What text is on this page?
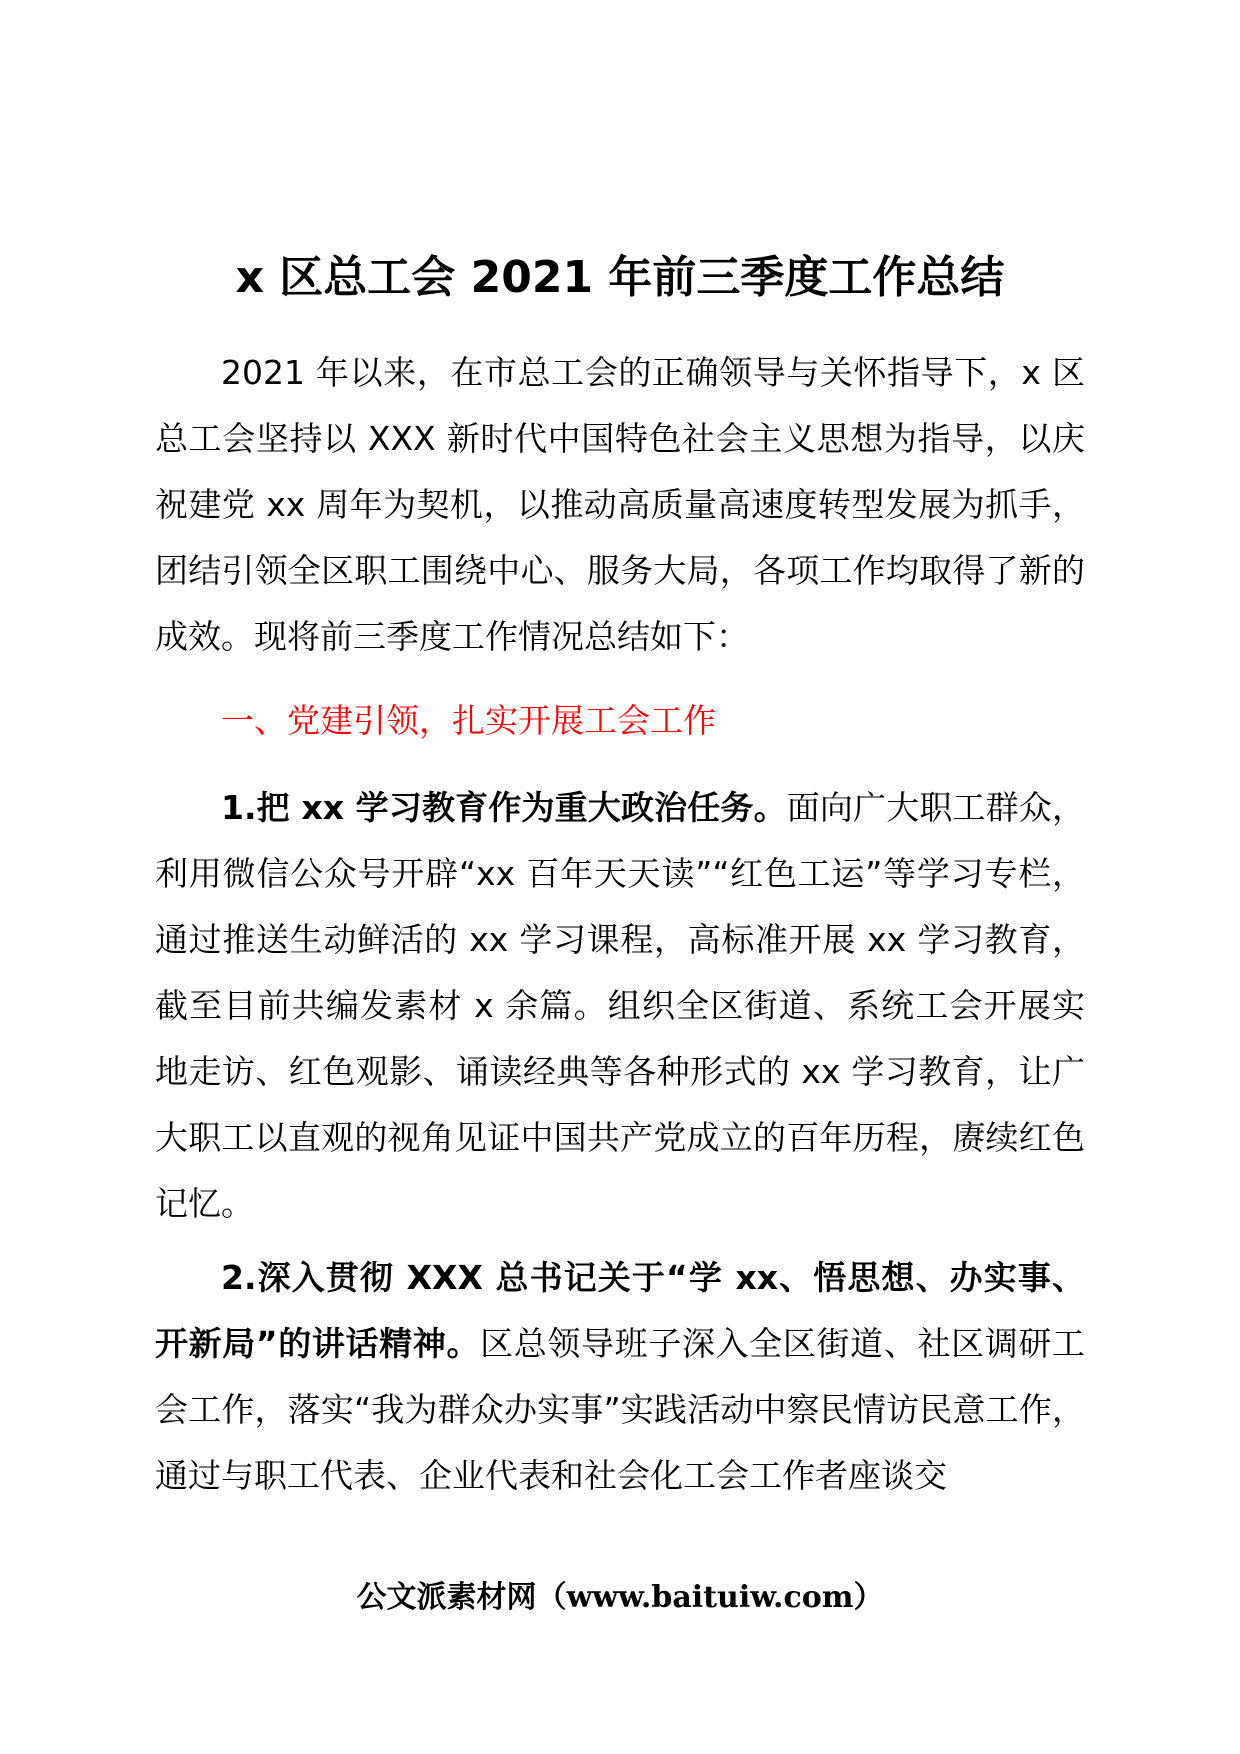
x 区总工会 2021 年前三季度工作总结

2021 年以来，在市总工会的正确领导与关怀指导下，x 区总工会坚持以 XXX 新时代中国特色社会主义思想为指导，以庆祝建党 xx 周年为契机，以推动高质量高速度转型发展为抓手，团结引领全区职工围绕中心、服务大局，各项工作均取得了新的成效。现将前三季度工作情况总结如下：

一、党建引领，扎实开展工会工作

1.把 xx 学习教育作为重大政治任务。面向广大职工群众，利用微信公众号开辟“xx 百年天天读”“红色工运”等学习专栏，通过推送生动鲜活的 xx 学习课程，高标准开展 xx 学习教育，截至目前共编发素材 x 余篇。组织全区街道、系统工会开展实地走访、红色观影、诵读经典等各种形式的 xx 学习教育，让广大职工以直观的视角见证中国共产党成立的百年历程，赓续红色记忆。

2.深入贯彻 XXX 总书记关于“学 xx、悟思想、办实事、开新局”的讲话精神。区总领导班子深入全区街道、社区调研工会工作，落实“我为群众办实事”实践活动中察民情访民意工作，通过与职工代表、企业代表和社会化工会工作者座谈交

公文派素材网（www.baituiw.com）
